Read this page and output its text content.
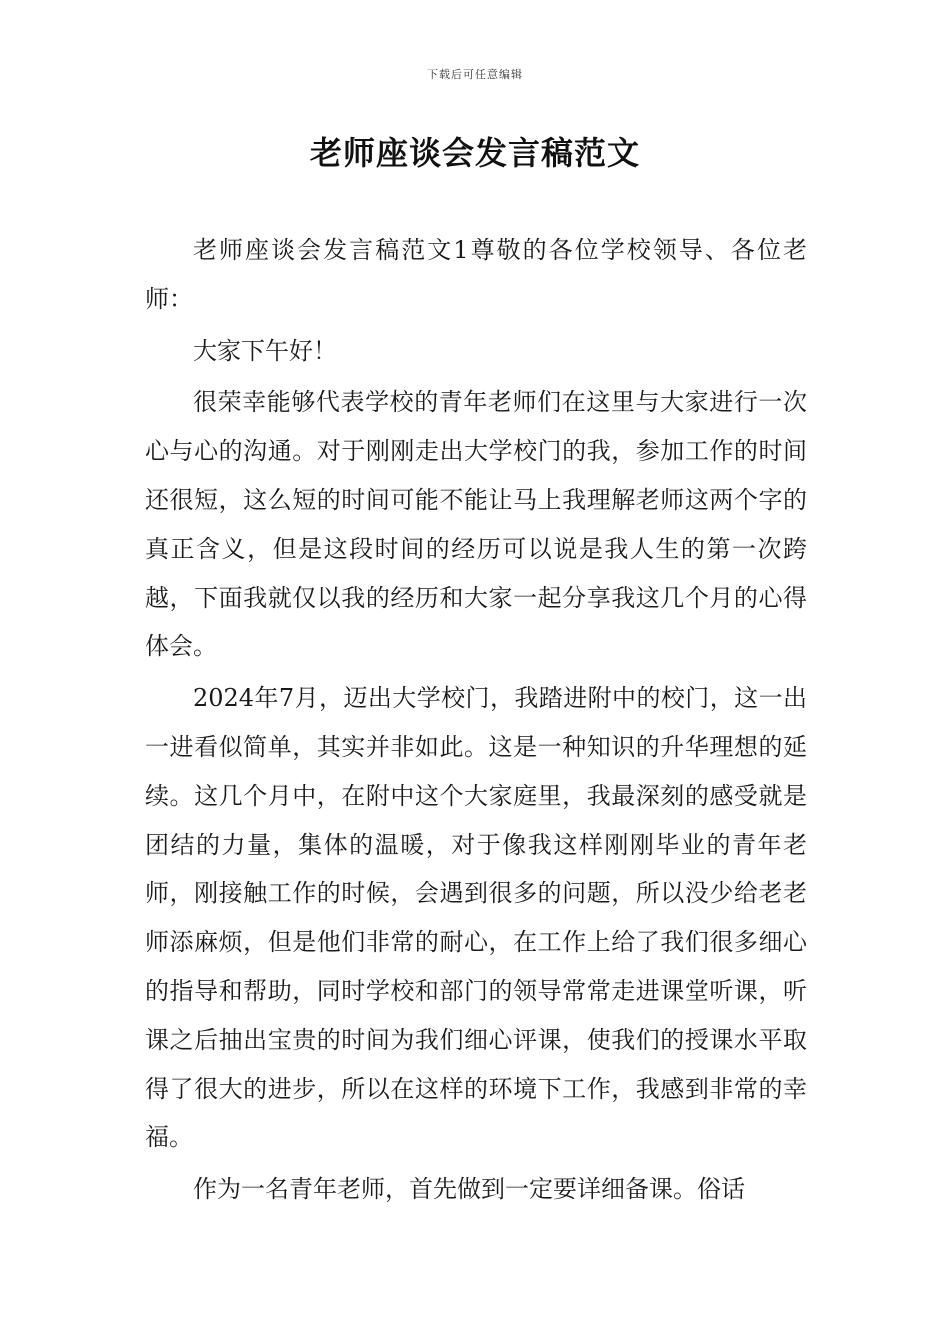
下载后可任意编辑
老师座谈会发言稿范文

老师座谈会发言稿范文1尊敬的各位学校领导、各位老师：

大家下午好！

很荣幸能够代表学校的青年老师们在这里与大家进行一次心与心的沟通。对于刚刚走出大学校门的我，参加工作的时间还很短，这么短的时间可能不能让马上我理解老师这两个字的真正含义，但是这段时间的经历可以说是我人生的第一次跨越，下面我就仅以我的经历和大家一起分享我这几个月的心得体会。

2024年7月，迈出大学校门，我踏进附中的校门，这一出一进看似简单，其实并非如此。这是一种知识的升华理想的延续。这几个月中，在附中这个大家庭里，我最深刻的感受就是团结的力量，集体的温暖，对于像我这样刚刚毕业的青年老师，刚接触工作的时候，会遇到很多的问题，所以没少给老老师添麻烦，但是他们非常的耐心，在工作上给了我们很多细心的指导和帮助，同时学校和部门的领导常常走进课堂听课，听课之后抽出宝贵的时间为我们细心评课，使我们的授课水平取得了很大的进步，所以在这样的环境下工作，我感到非常的幸福。

作为一名青年老师，首先做到一定要详细备课。俗话
